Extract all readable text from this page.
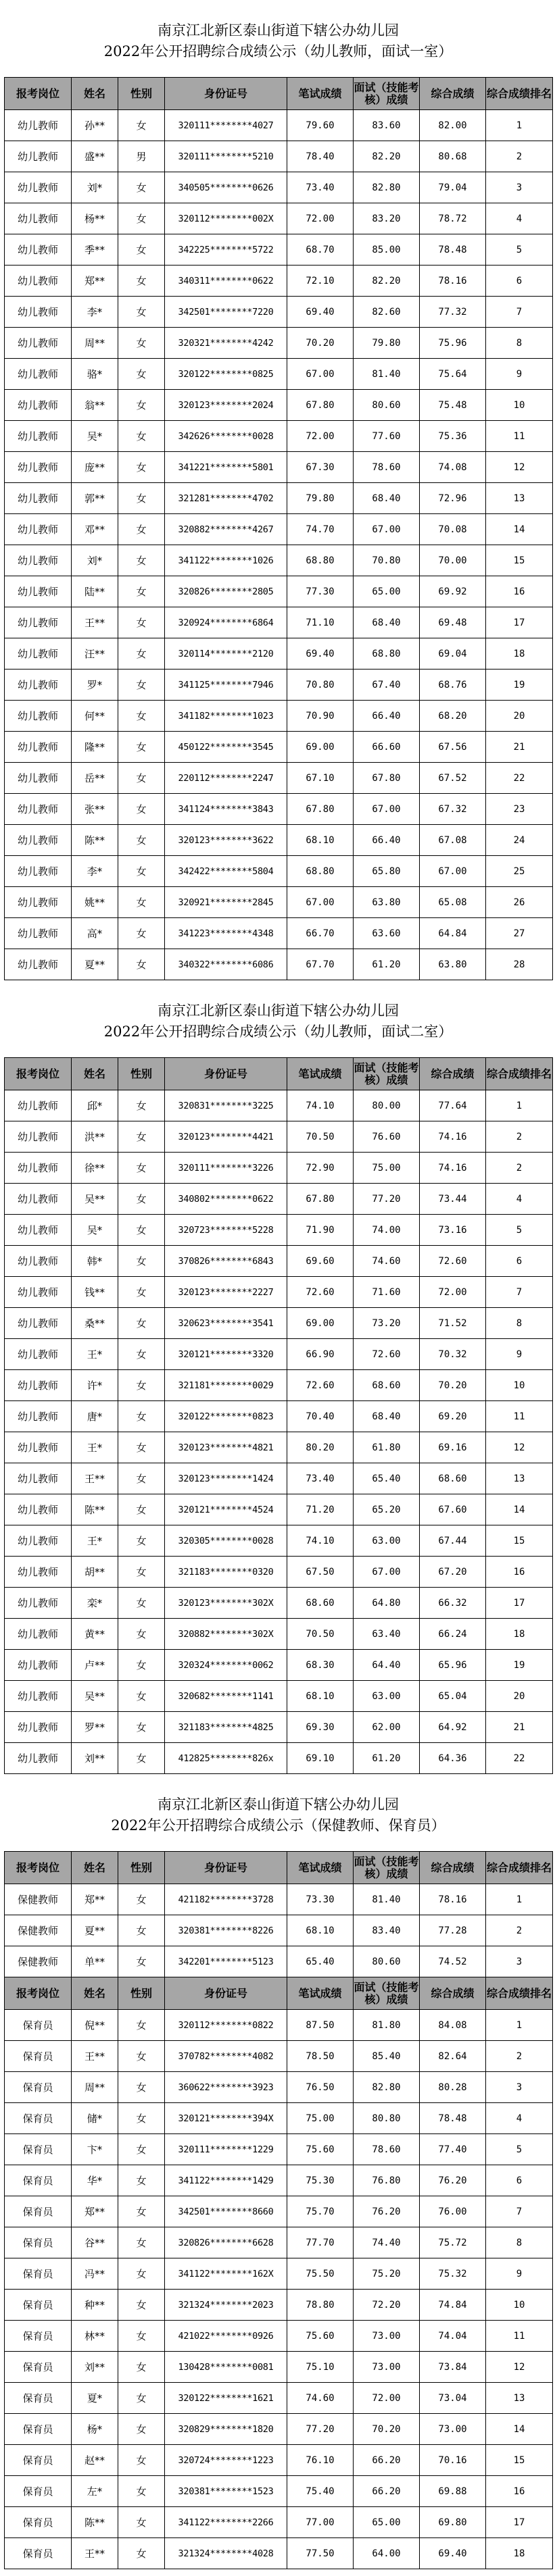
南京江北新区泰山街道下辖公办幼儿园
2022年公开招聘综合成绩公示（幼儿教师，面试一室）
报考岗位	姓名	性别	身份证号	笔试成绩	面试（技能考核）成绩	综合成绩	综合成绩排名
幼儿教师	孙**	女	320111********4027	79.60	83.60	82.00	1
幼儿教师	盛**	男	320111********5210	78.40	82.20	80.68	2
幼儿教师	刘*	女	340505********0626	73.40	82.80	79.04	3
幼儿教师	杨**	女	320112********002X	72.00	83.20	78.72	4
幼儿教师	季**	女	342225********5722	68.70	85.00	78.48	5
幼儿教师	郑**	女	340311********0622	72.10	82.20	78.16	6
幼儿教师	李*	女	342501********7220	69.40	82.60	77.32	7
幼儿教师	周**	女	320321********4242	70.20	79.80	75.96	8
幼儿教师	骆*	女	320122********0825	67.00	81.40	75.64	9
幼儿教师	翁**	女	320123********2024	67.80	80.60	75.48	10
幼儿教师	吴*	女	342626********0028	72.00	77.60	75.36	11
幼儿教师	庞**	女	341221********5801	67.30	78.60	74.08	12
幼儿教师	郭**	女	321281********4702	79.80	68.40	72.96	13
幼儿教师	邓**	女	320882********4267	74.70	67.00	70.08	14
幼儿教师	刘*	女	341122********1026	68.80	70.80	70.00	15
幼儿教师	陆**	女	320826********2805	77.30	65.00	69.92	16
幼儿教师	王**	女	320924********6864	71.10	68.40	69.48	17
幼儿教师	汪**	女	320114********2120	69.40	68.80	69.04	18
幼儿教师	罗*	女	341125********7946	70.80	67.40	68.76	19
幼儿教师	何**	女	341182********1023	70.90	66.40	68.20	20
幼儿教师	隆**	女	450122********3545	69.00	66.60	67.56	21
幼儿教师	岳**	女	220112********2247	67.10	67.80	67.52	22
幼儿教师	张**	女	341124********3843	67.80	67.00	67.32	23
幼儿教师	陈**	女	320123********3622	68.10	66.40	67.08	24
幼儿教师	李*	女	342422********5804	68.80	65.80	67.00	25
幼儿教师	姚**	女	320921********2845	67.00	63.80	65.08	26
幼儿教师	高*	女	341223********4348	66.70	63.60	64.84	27
幼儿教师	夏**	女	340322********6086	67.70	61.20	63.80	28
南京江北新区泰山街道下辖公办幼儿园
2022年公开招聘综合成绩公示（幼儿教师，面试二室）
报考岗位	姓名	性别	身份证号	笔试成绩	面试（技能考核）成绩	综合成绩	综合成绩排名
幼儿教师	邱*	女	320831********3225	74.10	80.00	77.64	1
幼儿教师	洪**	女	320123********4421	70.50	76.60	74.16	2
幼儿教师	徐**	女	320111********3226	72.90	75.00	74.16	2
幼儿教师	吴**	女	340802********0622	67.80	77.20	73.44	4
幼儿教师	吴*	女	320723********5228	71.90	74.00	73.16	5
幼儿教师	韩*	女	370826********6843	69.60	74.60	72.60	6
幼儿教师	钱**	女	320123********2227	72.60	71.60	72.00	7
幼儿教师	桑**	女	320623********3541	69.00	73.20	71.52	8
幼儿教师	王*	女	320121********3320	66.90	72.60	70.32	9
幼儿教师	许*	女	321181********0029	72.60	68.60	70.20	10
幼儿教师	唐*	女	320122********0823	70.40	68.40	69.20	11
幼儿教师	王*	女	320123********4821	80.20	61.80	69.16	12
幼儿教师	王**	女	320123********1424	73.40	65.40	68.60	13
幼儿教师	陈**	女	320121********4524	71.20	65.20	67.60	14
幼儿教师	王*	女	320305********0028	74.10	63.00	67.44	15
幼儿教师	胡**	女	321183********0320	67.50	67.00	67.20	16
幼儿教师	栾*	女	320123********302X	68.60	64.80	66.32	17
幼儿教师	黄**	女	320882********302X	70.50	63.40	66.24	18
幼儿教师	卢**	女	320324********0062	68.30	64.40	65.96	19
幼儿教师	吴**	女	320682********1141	68.10	63.00	65.04	20
幼儿教师	罗**	女	321183********4825	69.30	62.00	64.92	21
幼儿教师	刘**	女	412825********826x	69.10	61.20	64.36	22
南京江北新区泰山街道下辖公办幼儿园
2022年公开招聘综合成绩公示（保健教师、保育员）
报考岗位	姓名	性别	身份证号	笔试成绩	面试（技能考核）成绩	综合成绩	综合成绩排名
保健教师	郑**	女	421182********3728	73.30	81.40	78.16	1
保健教师	夏**	女	320381********8226	68.10	83.40	77.28	2
保健教师	单**	女	342201********5123	65.40	80.60	74.52	3
报考岗位	姓名	性别	身份证号	笔试成绩	面试（技能考核）成绩	综合成绩	综合成绩排名
保育员	倪**	女	320112********0822	87.50	81.80	84.08	1
保育员	王**	女	370782********4082	78.50	85.40	82.64	2
保育员	周**	女	360622********3923	76.50	82.80	80.28	3
保育员	储*	女	320121********394X	75.00	80.80	78.48	4
保育员	卞*	女	320111********1229	75.60	78.60	77.40	5
保育员	华*	女	341122********1429	75.30	76.80	76.20	6
保育员	郑**	女	342501********8660	75.70	76.20	76.00	7
保育员	谷**	女	320826********6628	77.70	74.40	75.72	8
保育员	冯**	女	341122********162X	75.50	75.20	75.32	9
保育员	种**	女	321324********2023	78.80	72.20	74.84	10
保育员	林**	女	421022********0926	75.60	73.00	74.04	11
保育员	刘**	女	130428********0081	75.10	73.00	73.84	12
保育员	夏*	女	320122********1621	74.60	72.00	73.04	13
保育员	杨*	女	320829********1820	77.20	70.20	73.00	14
保育员	赵**	女	320724********1223	76.10	66.20	70.16	15
保育员	左*	女	320381********1523	75.40	66.20	69.88	16
保育员	陈**	女	341122********2266	77.00	65.00	69.80	17
保育员	王**	女	321324********4028	77.50	64.00	69.40	18
